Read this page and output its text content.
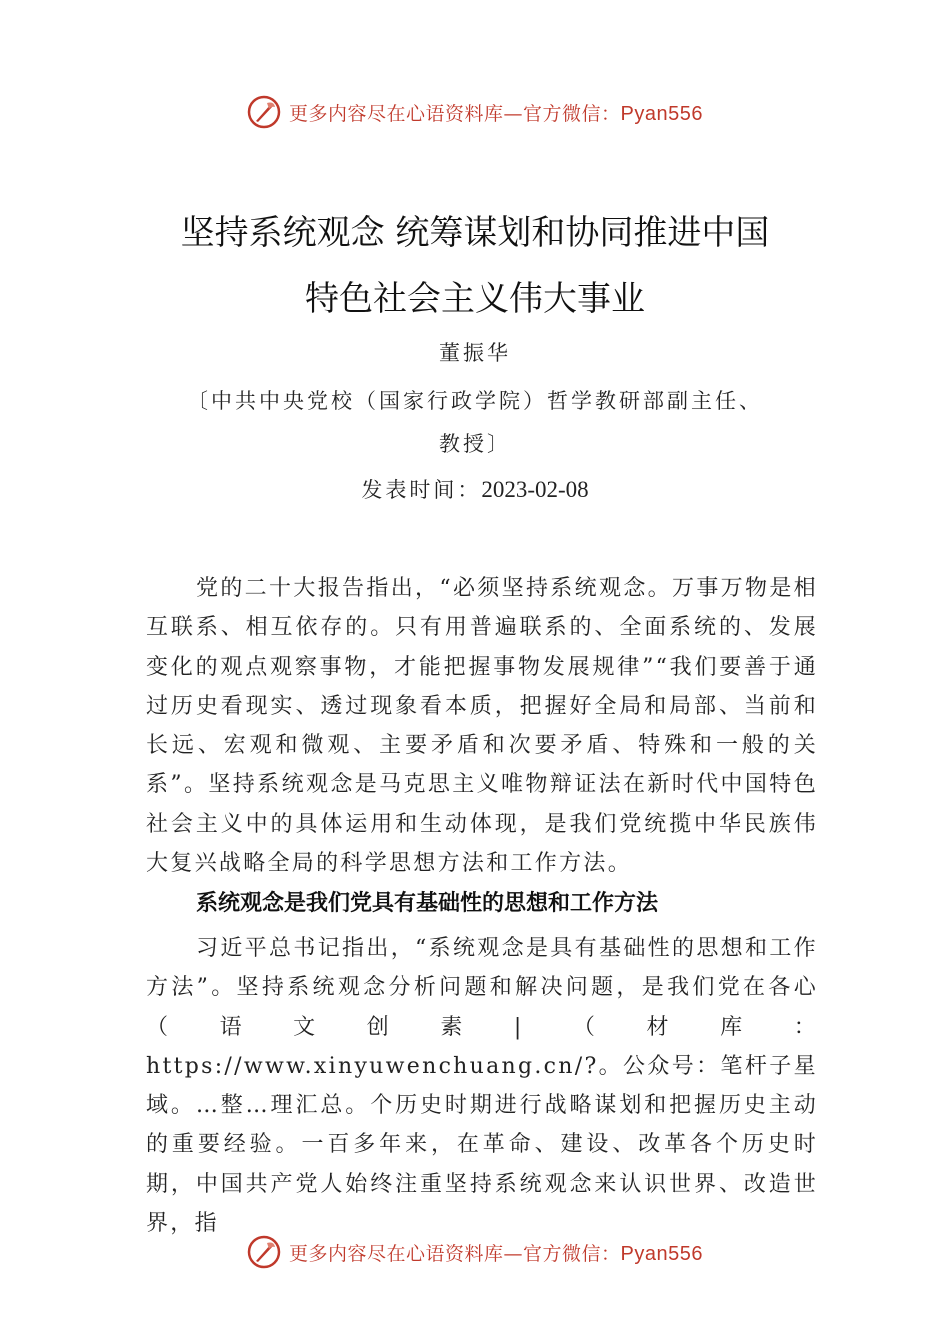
更多内容尽在心语资料库—官方微信：Pyan556
坚持系统观念 统筹谋划和协同推进中国
特色社会主义伟大事业
董振华
〔中共中央党校（国家行政学院）哲学教研部副主任、
教授〕
发表时间：2023-02-08

党的二十大报告指出，“必须坚持系统观念。万事万物是相互联系、相互依存的。只有用普遍联系的、全面系统的、发展变化的观点观察事物，才能把握事物发展规律”“我们要善于通过历史看现实、透过现象看本质，把握好全局和局部、当前和长远、宏观和微观、主要矛盾和次要矛盾、特殊和一般的关系”。坚持系统观念是马克思主义唯物辩证法在新时代中国特色社会主义中的具体运用和生动体现，是我们党统揽中华民族伟大复兴战略全局的科学思想方法和工作方法。

系统观念是我们党具有基础性的思想和工作方法

习近平总书记指出，“系统观念是具有基础性的思想和工作方法”。坚持系统观念分析问题和解决问题，是我们党在各心（语文创素|（材库：https://www.xinyuwenchuang.cn/?。公众号：笔杆子星域。…整…理汇总。个历史时期进行战略谋划和把握历史主动的重要经验。一百多年来，在革命、建设、改革各个历史时期，中国共产党人始终注重坚持系统观念来认识世界、改造世界，指

更多内容尽在心语资料库—官方微信：Pyan556
